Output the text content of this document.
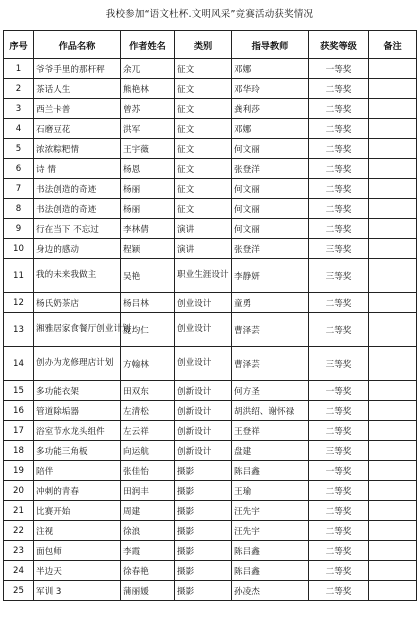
我校参加“语文杜杯.文明风采”竞赛活动获奖情况
序号	作品名称	作者姓名	类别	指导教师	获奖等级	备注
1	爷爷手里的那杆秤	余兀	征文	邓娜	一等奖	
2	茶话人生	熊艳林	征文	邓华玲	二等奖	
3	西兰卡普	曾苏	征文	龚利莎	二等奖	
4	石磨豆花	洪军	征文	邓娜	二等奖	
5	浓浓粽粑情	王宇薇	征文	何文丽	二等奖	
6	诗 情	杨恩	征文	张登洋	二等奖	
7	书法创造的奇迹	杨丽	征文	何文丽	二等奖	
8	书法创造的奇迹	杨丽	征文	何文丽	二等奖	
9	行在当下 不忘过	李林倩	演讲	何文丽	二等奖	
10	身边的感动	程颖	演讲	张登洋	三等奖	
11	我的未来我做主	吴艳	职业生涯设计	李静妍	三等奖	
12	杨氏奶茶店	杨吕林	创业设计	童勇	二等奖	
13	湘雅居家食餐厅创业计划	庞均仁	创业设计	曹泽芸	二等奖	
14	创办为龙修理店计划	方翰林	创业设计	曹泽芸	三等奖	
15	多功能衣架	田双东	创新设计	何方圣	一等奖	
16	管道除垢器	左清松	创新设计	胡洪绍、谢怀禄	二等奖	
17	浴室节水龙头组件	左云祥	创新设计	王登祥	二等奖	
18	多功能三角板	向运航	创新设计	盘建	三等奖	
19	陪伴	张佳怡	摄影	陈吕鑫	一等奖	
20	冲刺的青春	田润丰	摄影	王瑜	二等奖	
21	比赛开始	周建	摄影	汪先宇	二等奖	
22	注视	徐浪	摄影	汪先宇	二等奖	
23	面包师	李霞	摄影	陈吕鑫	二等奖	
24	半边天	徐春艳	摄影	陈吕鑫	二等奖	
25	军训 3	蒲丽媛	摄影	孙凌杰	二等奖	
